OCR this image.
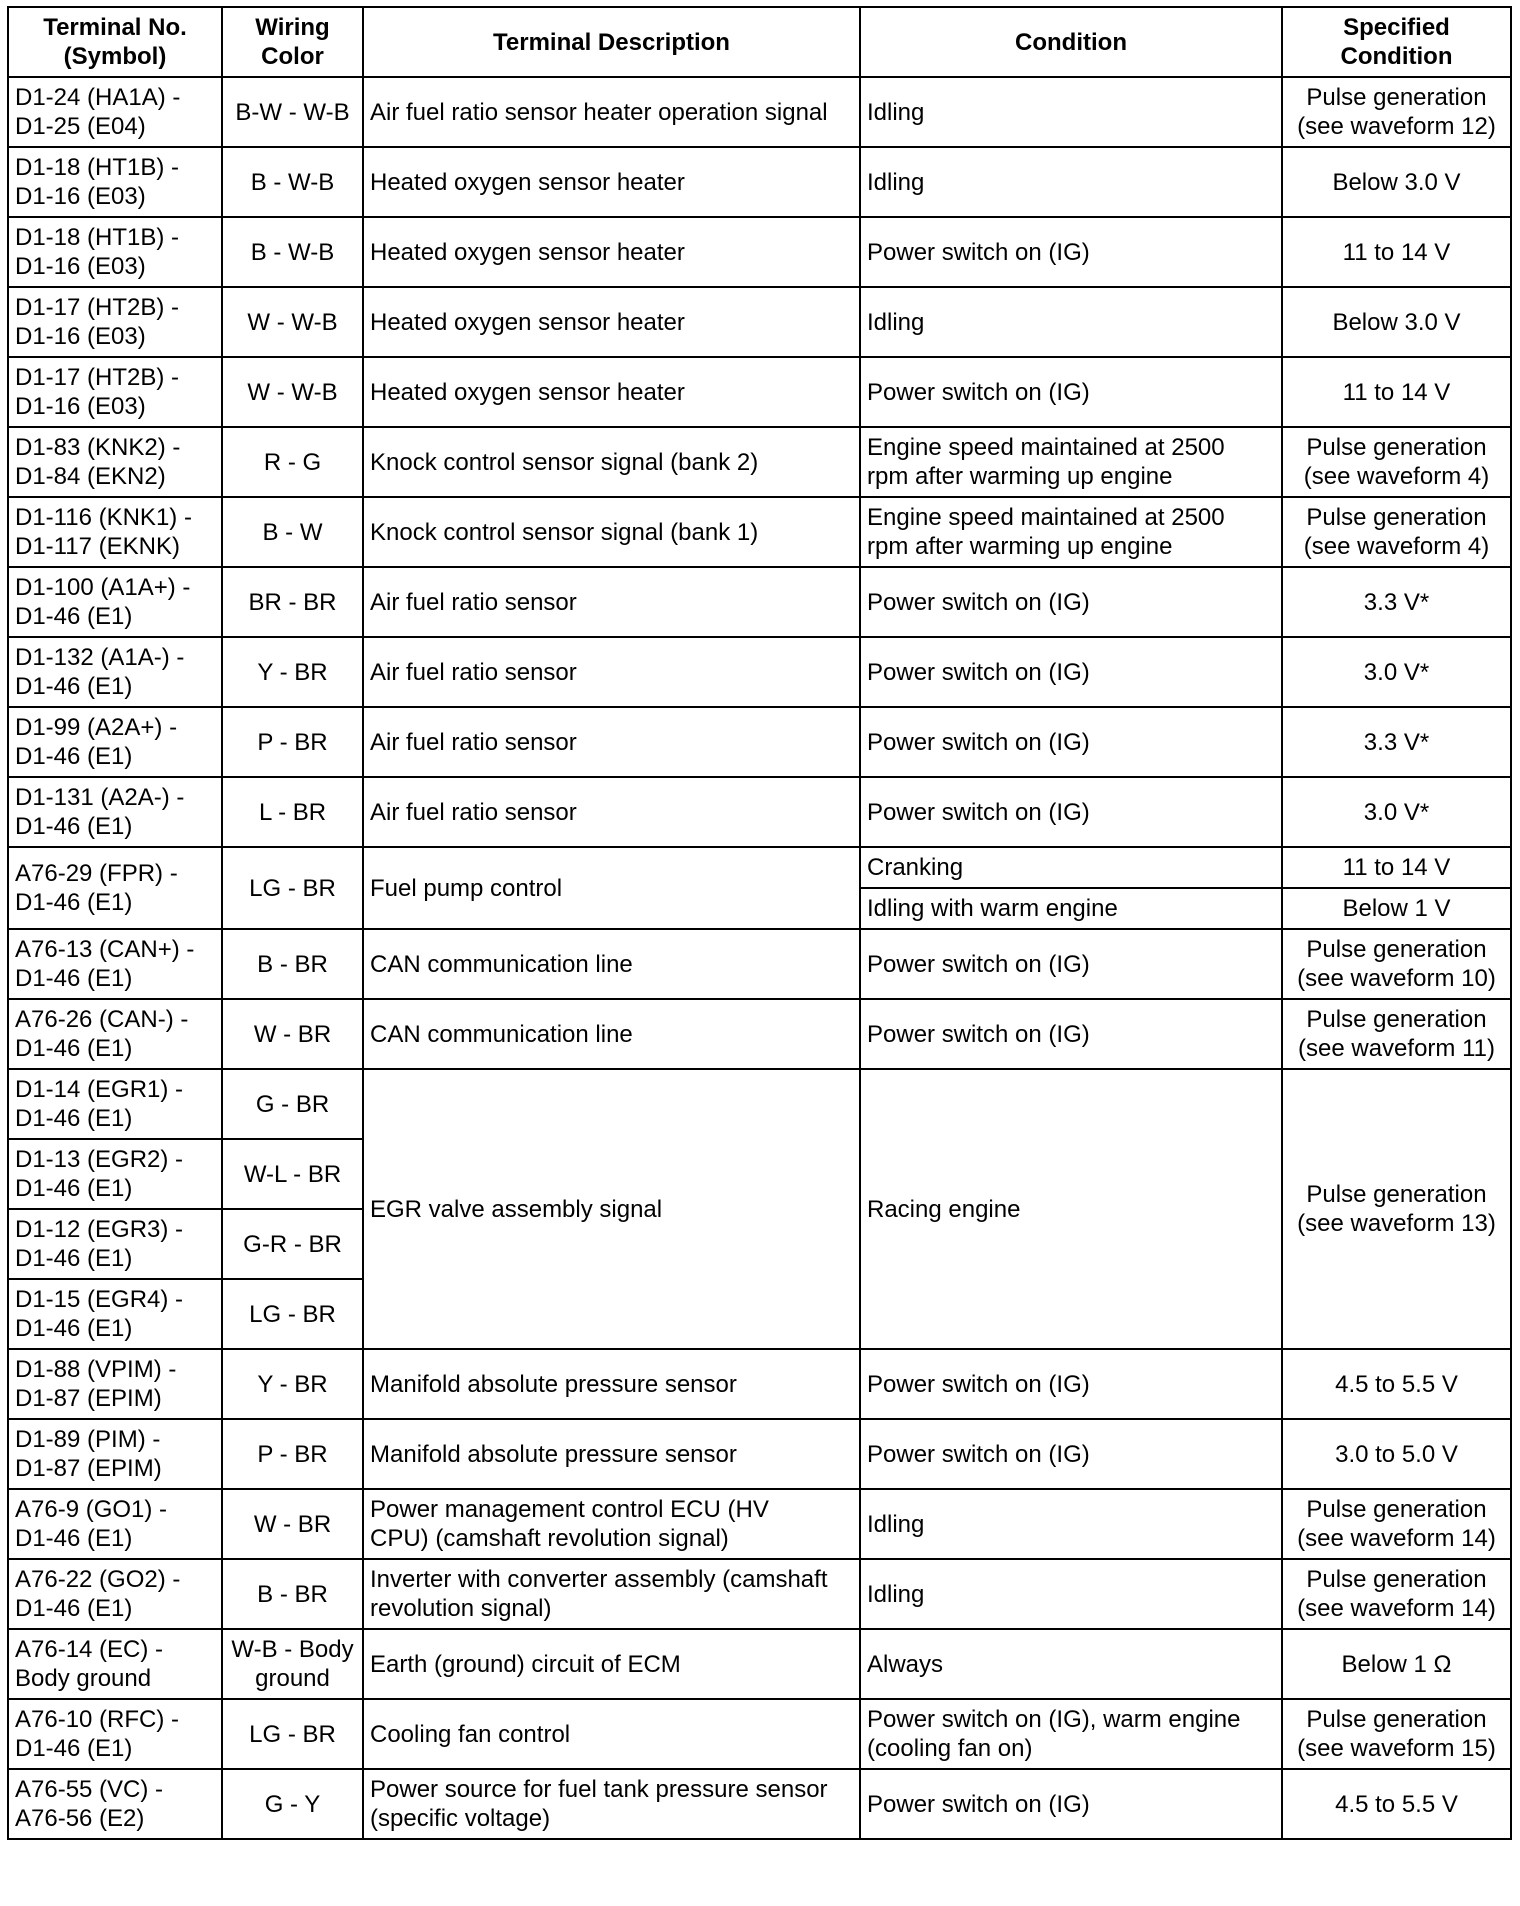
Terminal No.
(Symbol)	Wiring
Color	Terminal Description	Condition	Specified
Condition
D1-24 (HA1A) -
D1-25 (E04)	B-W - W-B	Air fuel ratio sensor heater operation signal	Idling	Pulse generation
(see waveform 12)
D1-18 (HT1B) -
D1-16 (E03)	B - W-B	Heated oxygen sensor heater	Idling	Below 3.0 V
D1-18 (HT1B) -
D1-16 (E03)	B - W-B	Heated oxygen sensor heater	Power switch on (IG)	11 to 14 V
D1-17 (HT2B) -
D1-16 (E03)	W - W-B	Heated oxygen sensor heater	Idling	Below 3.0 V
D1-17 (HT2B) -
D1-16 (E03)	W - W-B	Heated oxygen sensor heater	Power switch on (IG)	11 to 14 V
D1-83 (KNK2) -
D1-84 (EKN2)	R - G	Knock control sensor signal (bank 2)	Engine speed maintained at 2500
rpm after warming up engine	Pulse generation
(see waveform 4)
D1-116 (KNK1) -
D1-117 (EKNK)	B - W	Knock control sensor signal (bank 1)	Engine speed maintained at 2500
rpm after warming up engine	Pulse generation
(see waveform 4)
D1-100 (A1A+) -
D1-46 (E1)	BR - BR	Air fuel ratio sensor	Power switch on (IG)	3.3 V*
D1-132 (A1A-) -
D1-46 (E1)	Y - BR	Air fuel ratio sensor	Power switch on (IG)	3.0 V*
D1-99 (A2A+) -
D1-46 (E1)	P - BR	Air fuel ratio sensor	Power switch on (IG)	3.3 V*
D1-131 (A2A-) -
D1-46 (E1)	L - BR	Air fuel ratio sensor	Power switch on (IG)	3.0 V*
A76-29 (FPR) -
D1-46 (E1)	LG - BR	Fuel pump control	Cranking	11 to 14 V
			Idling with warm engine	Below 1 V
A76-13 (CAN+) -
D1-46 (E1)	B - BR	CAN communication line	Power switch on (IG)	Pulse generation
(see waveform 10)
A76-26 (CAN-) -
D1-46 (E1)	W - BR	CAN communication line	Power switch on (IG)	Pulse generation
(see waveform 11)
D1-14 (EGR1) -
D1-46 (E1)	G - BR	EGR valve assembly signal	Racing engine	Pulse generation
(see waveform 13)
D1-13 (EGR2) -
D1-46 (E1)	W-L - BR			
D1-12 (EGR3) -
D1-46 (E1)	G-R - BR			
D1-15 (EGR4) -
D1-46 (E1)	LG - BR			
D1-88 (VPIM) -
D1-87 (EPIM)	Y - BR	Manifold absolute pressure sensor	Power switch on (IG)	4.5 to 5.5 V
D1-89 (PIM) -
D1-87 (EPIM)	P - BR	Manifold absolute pressure sensor	Power switch on (IG)	3.0 to 5.0 V
A76-9 (GO1) -
D1-46 (E1)	W - BR	Power management control ECU (HV
CPU) (camshaft revolution signal)	Idling	Pulse generation
(see waveform 14)
A76-22 (GO2) -
D1-46 (E1)	B - BR	Inverter with converter assembly (camshaft
revolution signal)	Idling	Pulse generation
(see waveform 14)
A76-14 (EC) -
Body ground	W-B - Body
ground	Earth (ground) circuit of ECM	Always	Below 1 Ω
A76-10 (RFC) -
D1-46 (E1)	LG - BR	Cooling fan control	Power switch on (IG), warm engine
(cooling fan on)	Pulse generation
(see waveform 15)
A76-55 (VC) -
A76-56 (E2)	G - Y	Power source for fuel tank pressure sensor
(specific voltage)	Power switch on (IG)	4.5 to 5.5 V
